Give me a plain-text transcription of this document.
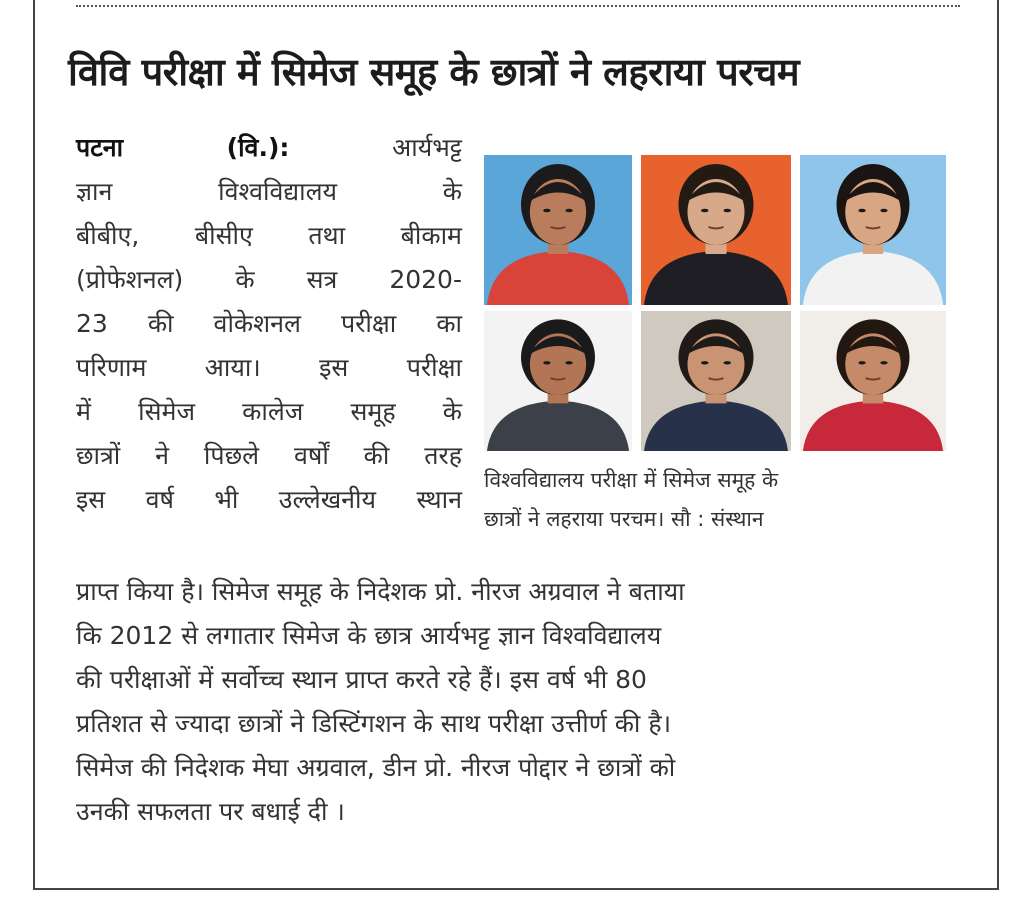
विवि परीक्षा में सिमेज समूह के छात्रों ने लहराया परचम
पटना (वि.):	आर्यभट्ट
ज्ञान विश्वविद्यालय के
बीबीए, बीसीए तथा बीकाम
(प्रोफेशनल) के सत्र 2020-
23 की वोकेशनल परीक्षा का
परिणाम आया। इस परीक्षा
में सिमेज कालेज समूह के
छात्रों ने पिछले वर्षों की तरह
इस वर्ष भी उल्लेखनीय स्थान
विश्वविद्यालय परीक्षा में सिमेज समूह के
छात्रों ने लहराया परचम। सौ : संस्थान
प्राप्त किया है। सिमेज समूह के निदेशक प्रो. नीरज अग्रवाल ने बताया
कि 2012 से लगातार सिमेज के छात्र आर्यभट्ट ज्ञान विश्वविद्यालय
की परीक्षाओं में सर्वोच्च स्थान प्राप्त करते रहे हैं। इस वर्ष भी 80
प्रतिशत से ज्यादा छात्रों ने डिस्टिंगशन के साथ परीक्षा उत्तीर्ण की है।
सिमेज की निदेशक मेघा अग्रवाल, डीन प्रो. नीरज पोद्दार ने छात्रों को
उनकी सफलता पर बधाई दी ।
